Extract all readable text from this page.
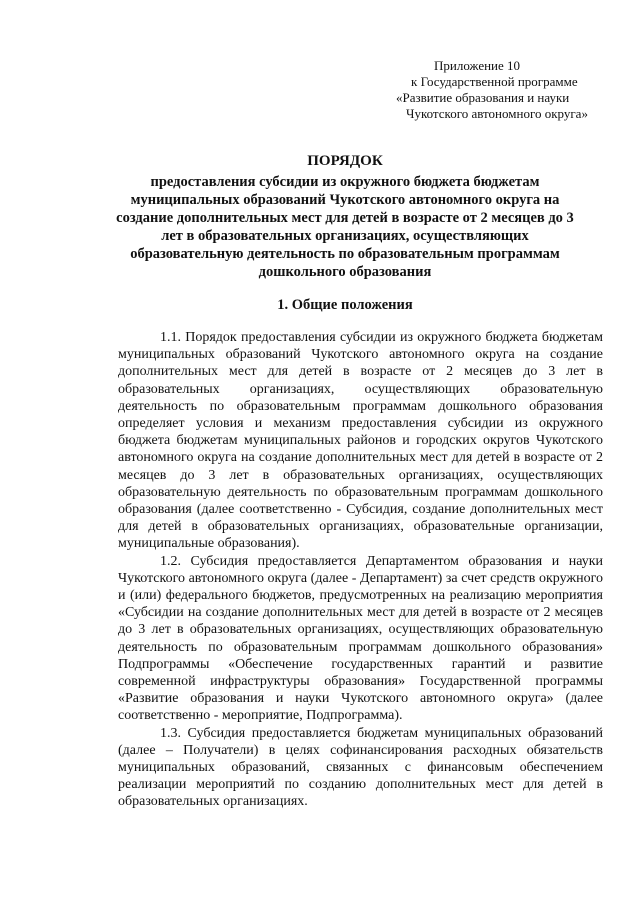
Приложение 10
к Государственной программе
«Развитие образования и науки
Чукотского автономного округа»
ПОРЯДОК
предоставления субсидии из окружного бюджета бюджетам муниципальных образований Чукотского автономного округа на создание дополнительных мест для детей в возрасте от 2 месяцев до 3 лет в образовательных организациях, осуществляющих образовательную деятельность по образовательным программам дошкольного образования
1. Общие положения

1.1. Порядок предоставления субсидии из окружного бюджета бюджетам муниципальных образований Чукотского автономного округа на создание дополнительных мест для детей в возрасте от 2 месяцев до 3 лет в образовательных организациях, осуществляющих образовательную деятельность по образовательным программам дошкольного образования определяет условия и механизм предоставления субсидии из окружного бюджета бюджетам муниципальных районов и городских округов Чукотского автономного округа на создание дополнительных мест для детей в возрасте от 2 месяцев до 3 лет в образовательных организациях, осуществляющих образовательную деятельность по образовательным программам дошкольного образования (далее соответственно - Субсидия, создание дополнительных мест для детей в образовательных организациях, образовательные организации, муниципальные образования).

1.2. Субсидия предоставляется Департаментом образования и науки Чукотского автономного округа (далее - Департамент) за счет средств окружного и (или) федерального бюджетов, предусмотренных на реализацию мероприятия «Субсидии на создание дополнительных мест для детей в возрасте от 2 месяцев до 3 лет в образовательных организациях, осуществляющих образовательную деятельность по образовательным программам дошкольного образования» Подпрограммы «Обеспечение государственных гарантий и развитие современной инфраструктуры образования» Государственной программы «Развитие образования и науки Чукотского автономного округа» (далее соответственно - мероприятие, Подпрограмма).

1.3. Субсидия предоставляется бюджетам муниципальных образований (далее – Получатели) в целях софинансирования расходных обязательств муниципальных образований, связанных с финансовым обеспечением реализации мероприятий по созданию дополнительных мест для детей в образовательных организациях.
